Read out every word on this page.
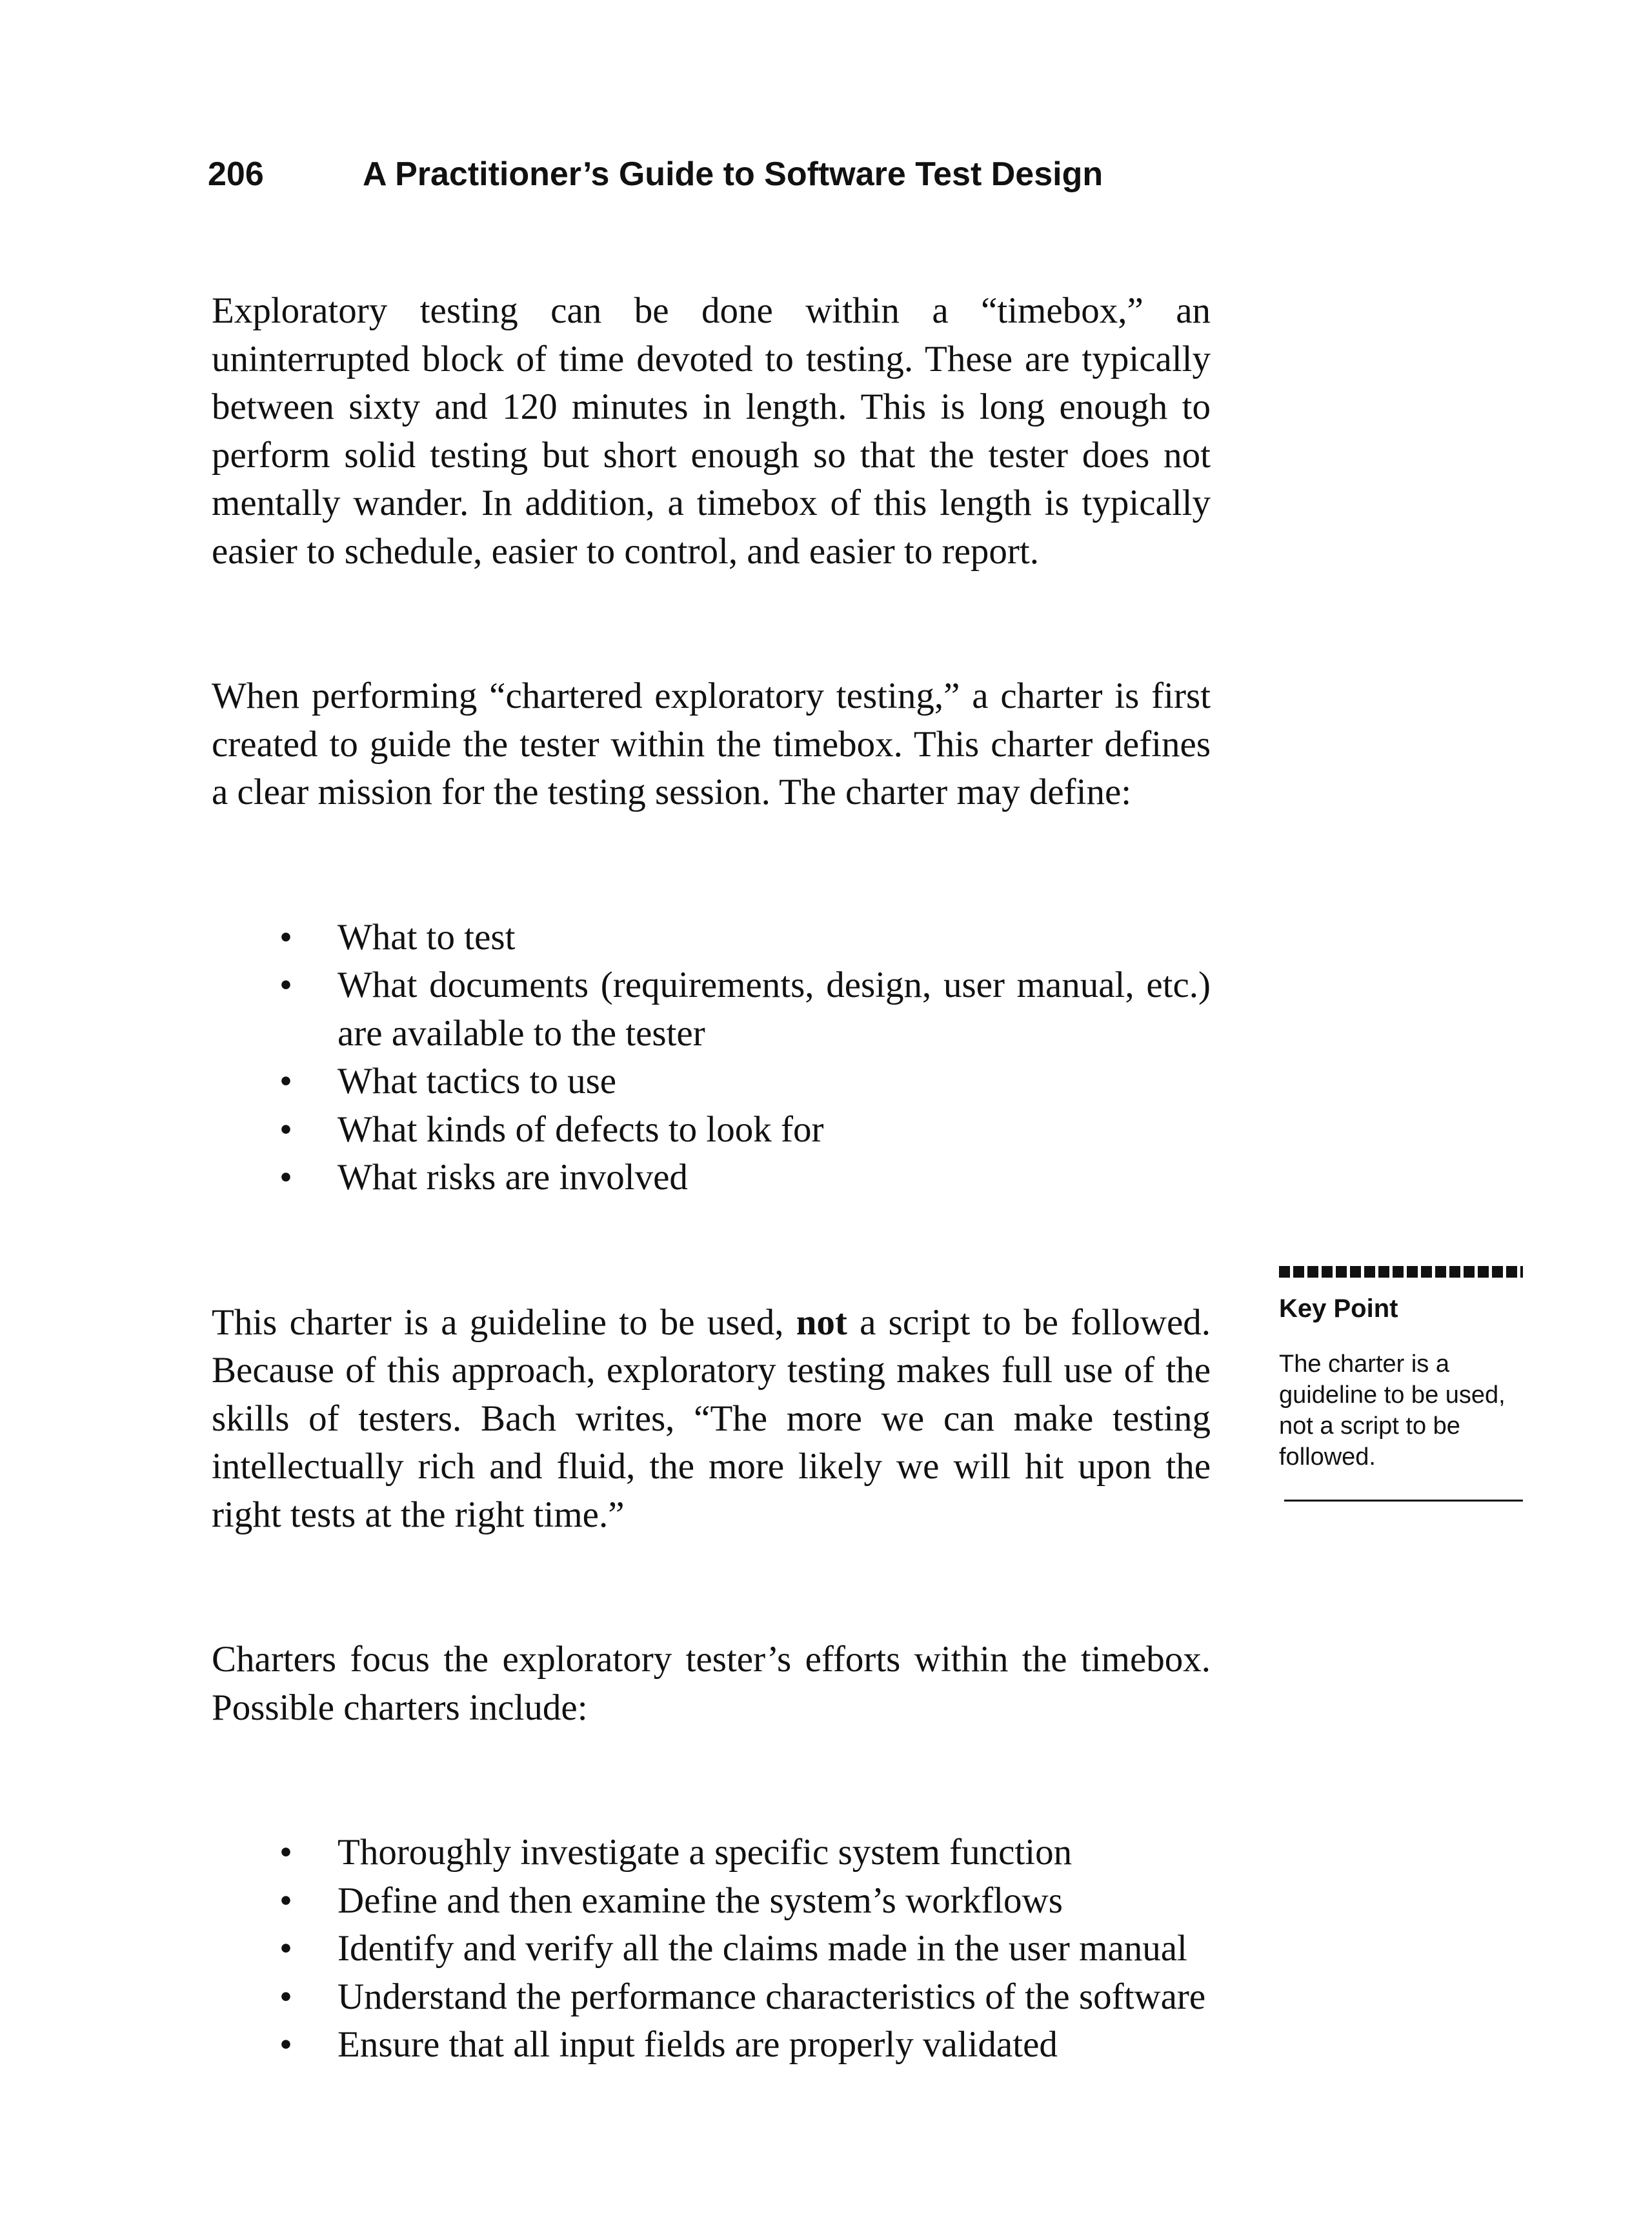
206	A Practitioner’s Guide to Software Test Design

Exploratory testing can be done within a “timebox,” an uninterrupted block of time devoted to testing. These are typically between sixty and 120 minutes in length. This is long enough to perform solid testing but short enough so that the tester does not mentally wander. In addition, a timebox of this length is typically easier to schedule, easier to control, and easier to report.

When performing “chartered exploratory testing,” a charter is first created to guide the tester within the timebox. This charter defines a clear mission for the testing session. The charter may define:

• What to test
• What documents (requirements, design, user manual, etc.) are available to the tester
• What tactics to use
• What kinds of defects to look for
• What risks are involved

This charter is a guideline to be used, not a script to be followed. Because of this approach, exploratory testing makes full use of the skills of testers. Bach writes, “The more we can make testing intellectually rich and fluid, the more likely we will hit upon the right tests at the right time.”

Charters focus the exploratory tester’s efforts within the timebox. Possible charters include:

• Thoroughly investigate a specific system function
• Define and then examine the system’s workflows
• Identify and verify all the claims made in the user manual
• Understand the performance characteristics of the software
• Ensure that all input fields are properly validated
Key Point
The charter is a guideline to be used, not a script to be followed.
